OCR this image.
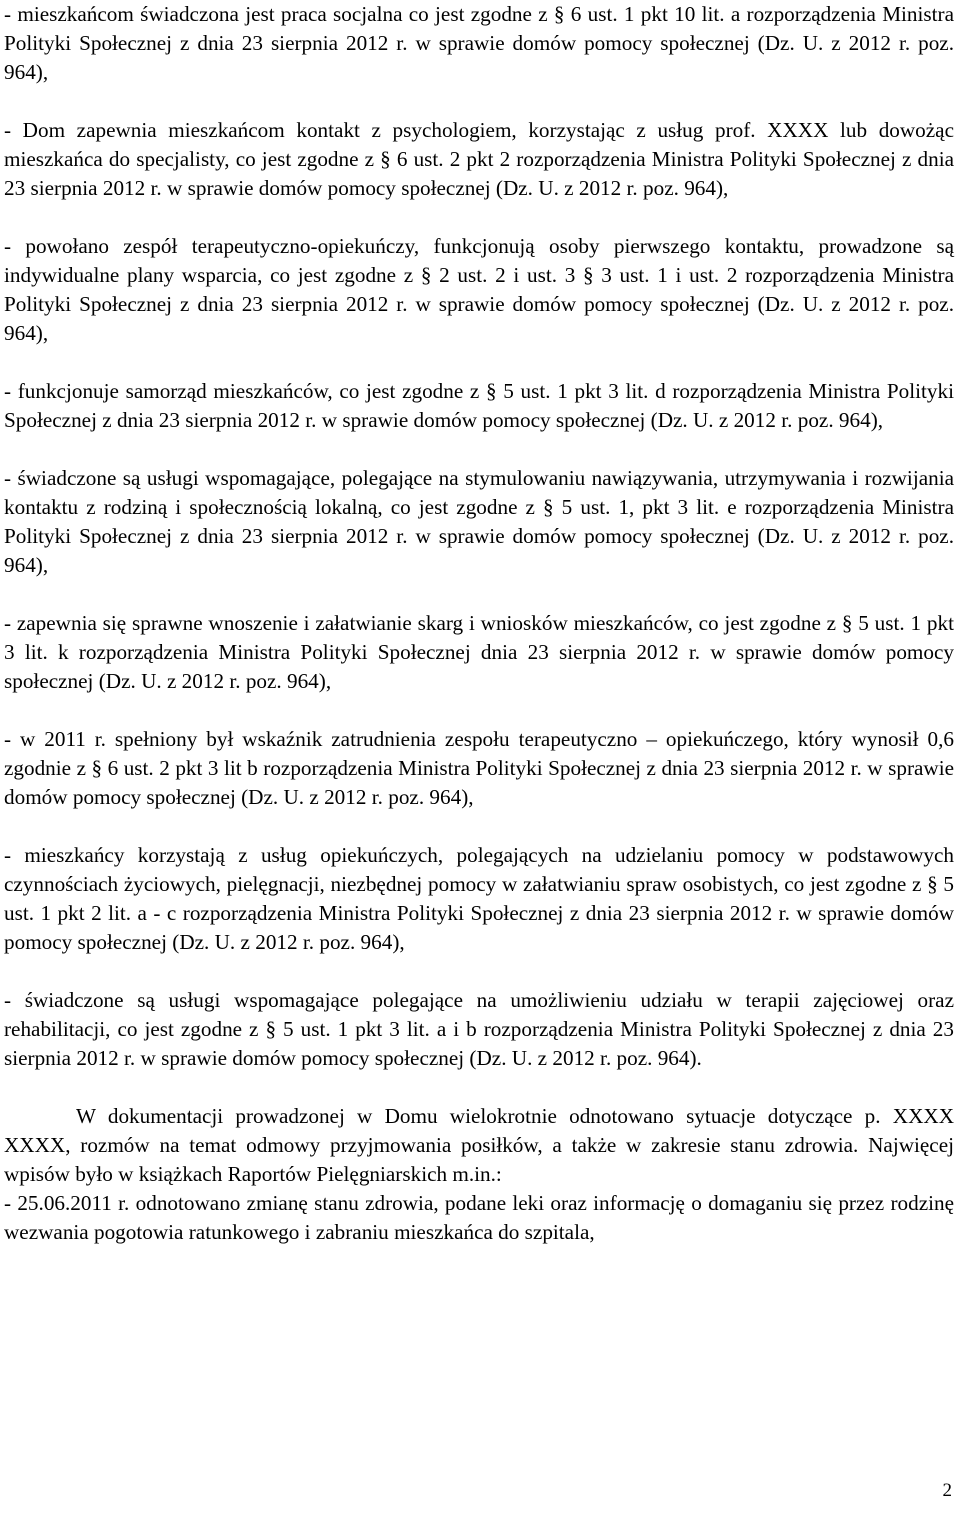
- mieszkańcom świadczona jest praca socjalna co jest zgodne z § 6 ust. 1 pkt 10 lit. a rozporządzenia Ministra Polityki Społecznej z dnia 23 sierpnia 2012 r. w sprawie domów pomocy społecznej (Dz. U. z 2012 r. poz. 964),

- Dom zapewnia mieszkańcom kontakt z psychologiem, korzystając z usług prof. XXXX lub dowożąc mieszkańca do specjalisty, co jest zgodne z § 6 ust. 2 pkt 2 rozporządzenia Ministra Polityki Społecznej z dnia 23 sierpnia 2012 r. w sprawie domów pomocy społecznej (Dz. U. z 2012 r. poz. 964),

- powołano zespół terapeutyczno-opiekuńczy, funkcjonują osoby pierwszego kontaktu, prowadzone są indywidualne plany wsparcia, co jest zgodne z § 2 ust. 2 i ust. 3 § 3 ust. 1 i ust. 2 rozporządzenia Ministra Polityki Społecznej z dnia 23 sierpnia 2012 r. w sprawie domów pomocy społecznej (Dz. U. z 2012 r. poz. 964),

- funkcjonuje samorząd mieszkańców, co jest zgodne z § 5 ust. 1 pkt 3 lit. d rozporządzenia Ministra Polityki Społecznej z dnia 23 sierpnia 2012 r. w sprawie domów pomocy społecznej (Dz. U. z 2012 r. poz. 964),

- świadczone są usługi wspomagające, polegające na stymulowaniu nawiązywania, utrzymywania i rozwijania kontaktu z rodziną i społecznością lokalną, co jest zgodne z § 5 ust. 1, pkt 3 lit. e rozporządzenia Ministra Polityki Społecznej z dnia 23 sierpnia 2012 r. w sprawie domów pomocy społecznej (Dz. U. z 2012 r. poz. 964),

- zapewnia się sprawne wnoszenie i załatwianie skarg i wniosków mieszkańców, co jest zgodne z § 5 ust. 1 pkt 3 lit. k rozporządzenia Ministra Polityki Społecznej dnia 23 sierpnia 2012 r. w sprawie domów pomocy społecznej (Dz. U. z 2012 r. poz. 964),

- w 2011 r. spełniony był wskaźnik zatrudnienia zespołu terapeutyczno – opiekuńczego, który wynosił 0,6 zgodnie z § 6 ust. 2 pkt 3 lit b rozporządzenia Ministra Polityki Społecznej z dnia 23 sierpnia 2012 r. w sprawie domów pomocy społecznej (Dz. U. z 2012 r. poz. 964),

- mieszkańcy korzystają z usług opiekuńczych, polegających na udzielaniu pomocy w podstawowych czynnościach życiowych, pielęgnacji, niezbędnej pomocy w załatwianiu spraw osobistych, co jest zgodne z § 5 ust. 1 pkt 2 lit. a - c rozporządzenia Ministra Polityki Społecznej z dnia 23 sierpnia 2012 r. w sprawie domów pomocy społecznej (Dz. U. z 2012 r. poz. 964),

- świadczone są usługi wspomagające polegające na umożliwieniu udziału w terapii zajęciowej oraz rehabilitacji, co jest zgodne z § 5 ust. 1 pkt 3 lit. a i b rozporządzenia Ministra Polityki Społecznej z dnia 23 sierpnia 2012 r. w sprawie domów pomocy społecznej (Dz. U. z 2012 r. poz. 964).

W dokumentacji prowadzonej w Domu wielokrotnie odnotowano sytuacje dotyczące p. XXXX XXXX, rozmów na temat odmowy przyjmowania posiłków, a także w zakresie stanu zdrowia. Najwięcej wpisów było w książkach Raportów Pielęgniarskich m.in.:

- 25.06.2011 r. odnotowano zmianę stanu zdrowia, podane leki oraz informację o domaganiu się przez rodzinę wezwania pogotowia ratunkowego i zabraniu mieszkańca do szpitala,

2
